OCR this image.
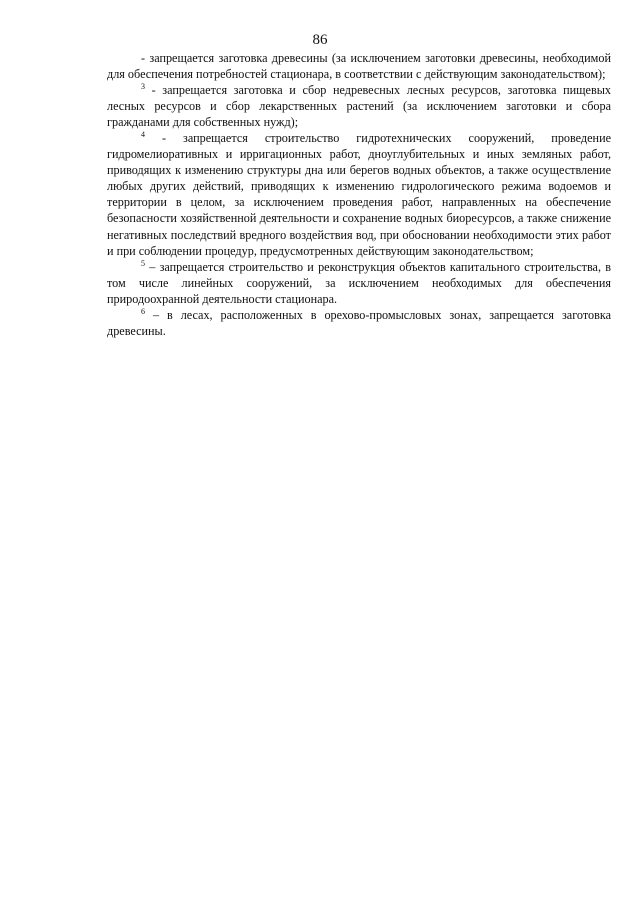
86

- запрещается заготовка древесины (за исключением заготовки древесины, необходимой для обеспечения потребностей стационара, в соответствии с действующим законодательством);

$^3$ - запрещается заготовка и сбор недревесных лесных ресурсов, заготовка пищевых лесных ресурсов и сбор лекарственных растений (за исключением заготовки и сбора гражданами для собственных нужд);

$^4$ - запрещается строительство гидротехнических сооружений, проведение гидромелиоративных и ирригационных работ, дноуглубительных и иных земляных работ, приводящих к изменению структуры дна или берегов водных объектов, а также осуществление любых других действий, приводящих к изменению гидрологического режима водоемов и территории в целом, за исключением проведения работ, направленных на обеспечение безопасности хозяйственной деятельности и сохранение водных биоресурсов, а также снижение негативных последствий вредного воздействия вод, при обосновании необходимости этих работ и при соблюдении процедур, предусмотренных действующим законодательством;

$^5$ – запрещается строительство и реконструкция объектов капитального строительства, в том числе линейных сооружений, за исключением необходимых для обеспечения природоохранной деятельности стационара.

$^6$ – в лесах, расположенных в орехово-промысловых зонах, запрещается заготовка древесины.
